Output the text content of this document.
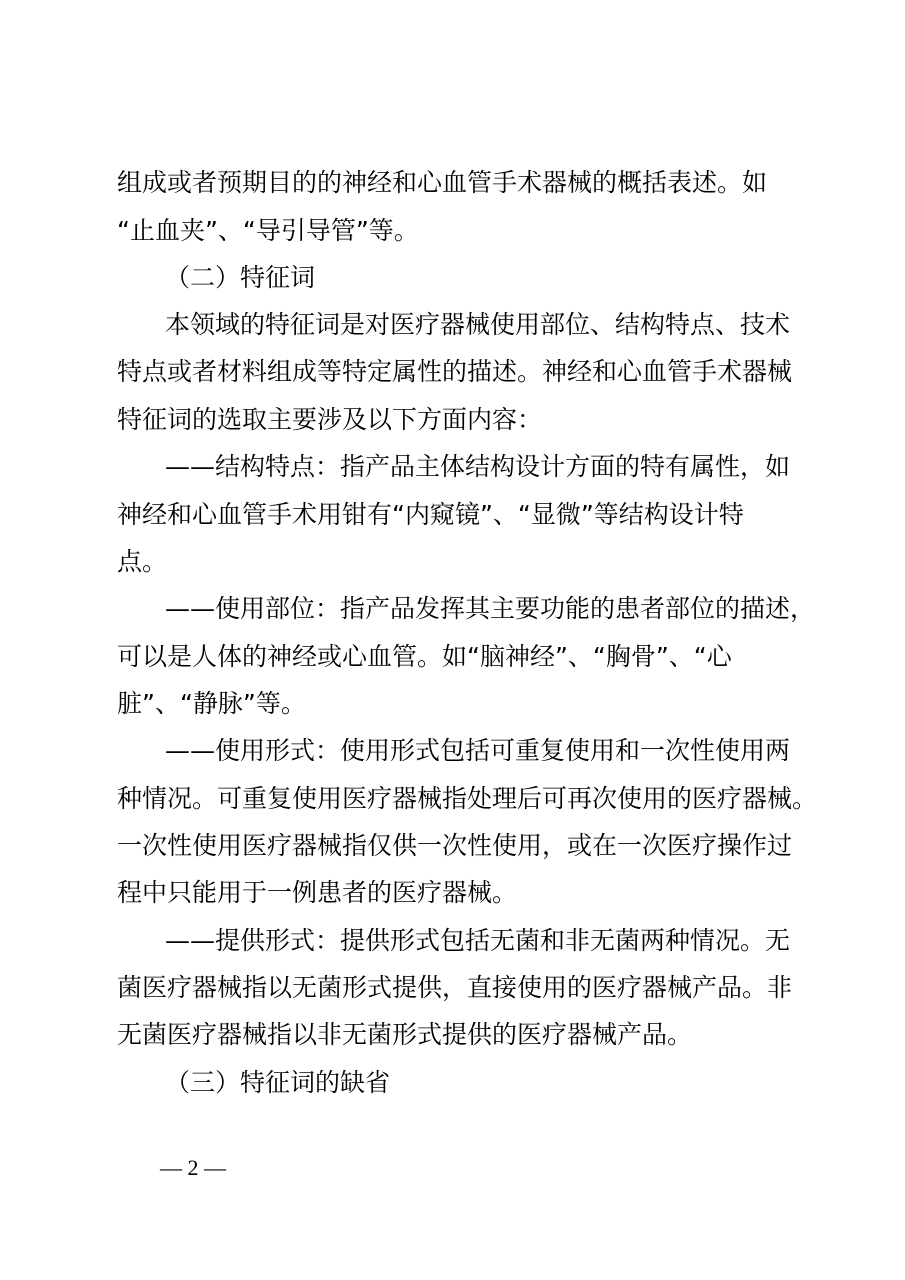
组成或者预期目的的神经和心血管手术器械的概括表述。如
“止血夹”、“导引导管”等。
（二）特征词
本领域的特征词是对医疗器械使用部位、结构特点、技术
特点或者材料组成等特定属性的描述。神经和心血管手术器械
特征词的选取主要涉及以下方面内容：
——结构特点：指产品主体结构设计方面的特有属性，如
神经和心血管手术用钳有“内窥镜”、“显微”等结构设计特
点。
——使用部位：指产品发挥其主要功能的患者部位的描述，
可以是人体的神经或心血管。如“脑神经”、“胸骨”、“心
脏”、“静脉”等。
——使用形式：使用形式包括可重复使用和一次性使用两
种情况。可重复使用医疗器械指处理后可再次使用的医疗器械。
一次性使用医疗器械指仅供一次性使用，或在一次医疗操作过
程中只能用于一例患者的医疗器械。
——提供形式：提供形式包括无菌和非无菌两种情况。无
菌医疗器械指以无菌形式提供，直接使用的医疗器械产品。非
无菌医疗器械指以非无菌形式提供的医疗器械产品。
（三）特征词的缺省
— 2 —
